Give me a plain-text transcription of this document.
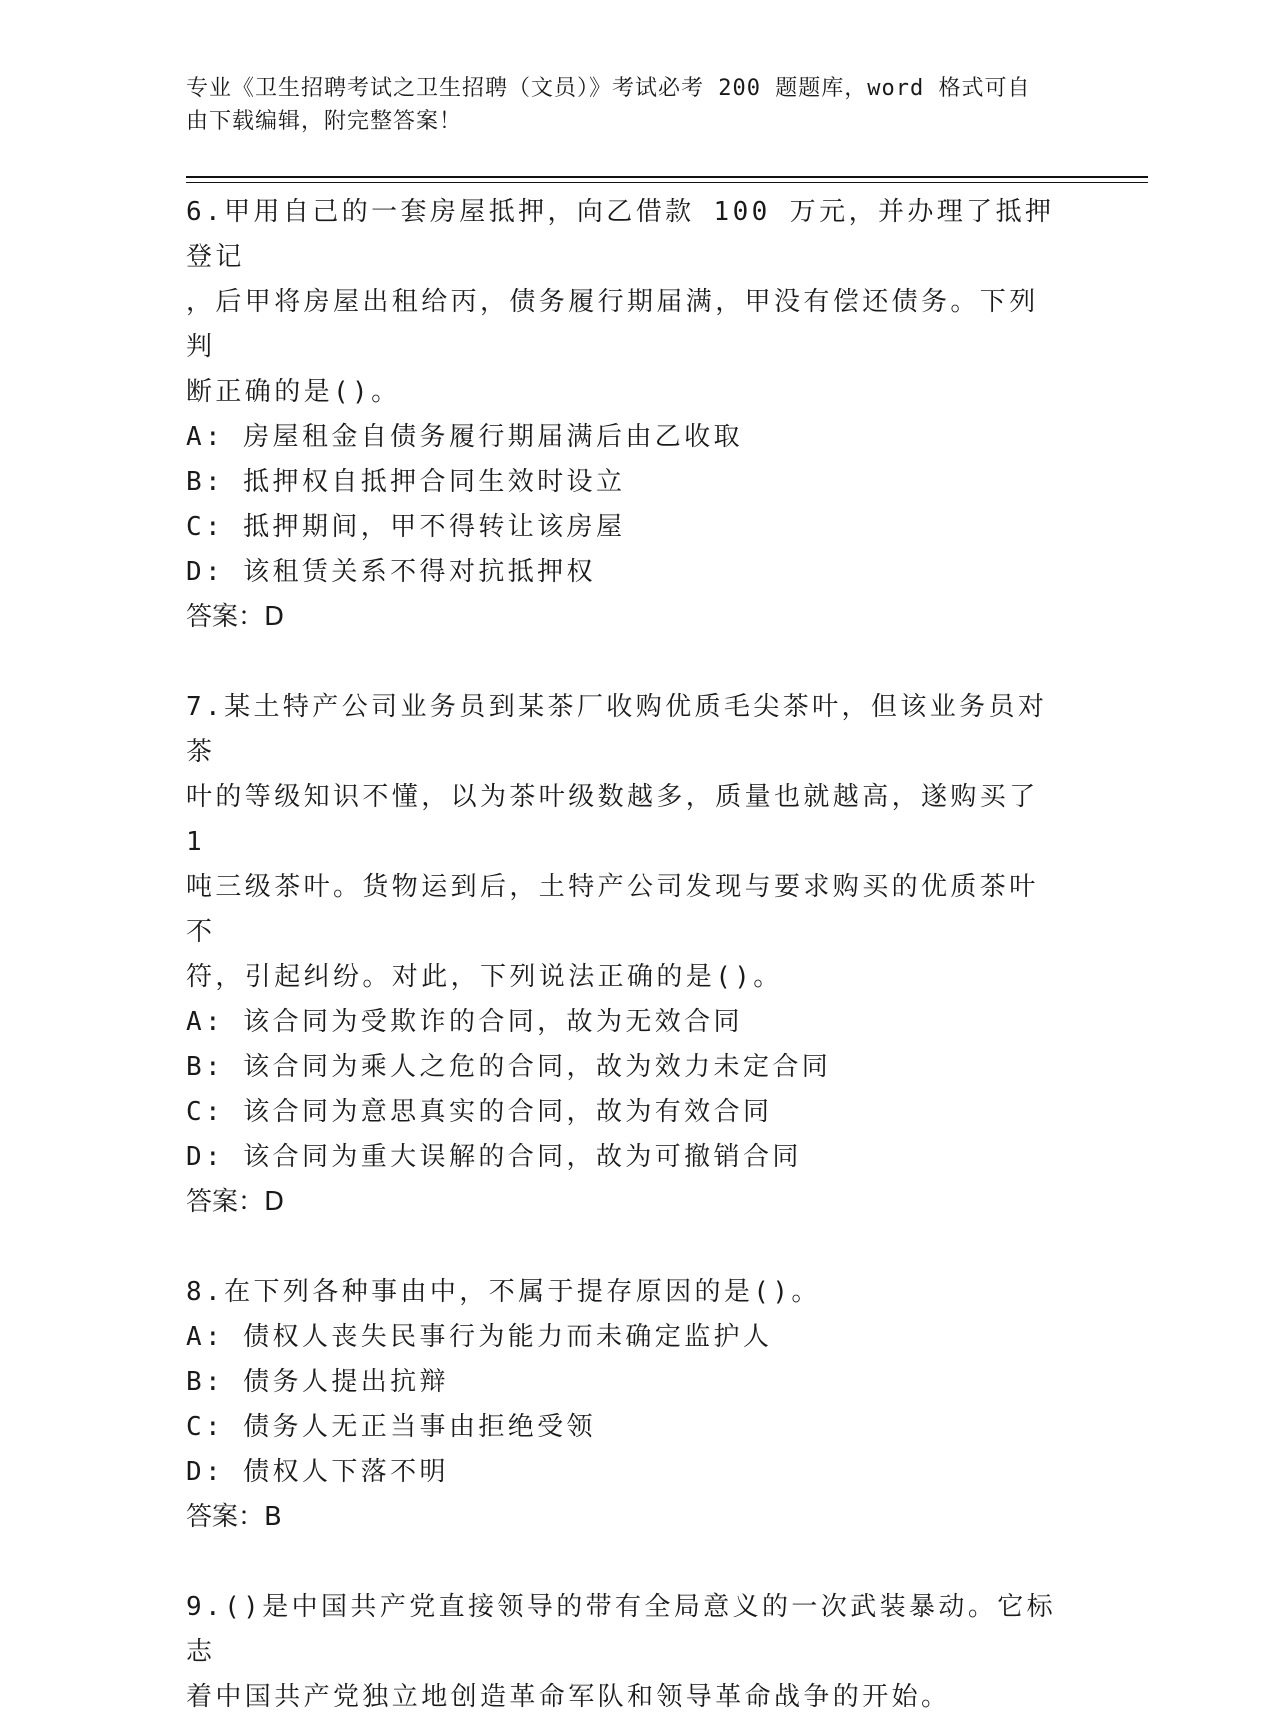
专业《卫生招聘考试之卫生招聘（文员）》考试必考 200 题题库，word 格式可自
由下载编辑，附完整答案！

6.甲用自己的一套房屋抵押，向乙借款 100 万元，并办理了抵押登记

，后甲将房屋出租给丙，债务履行期届满，甲没有偿还债务。下列判

断正确的是()。

A: 房屋租金自债务履行期届满后由乙收取

B: 抵押权自抵押合同生效时设立

C: 抵押期间，甲不得转让该房屋

D: 该租赁关系不得对抗抵押权

答案：D

7.某土特产公司业务员到某茶厂收购优质毛尖茶叶，但该业务员对茶

叶的等级知识不懂，以为茶叶级数越多，质量也就越高，遂购买了 1

吨三级茶叶。货物运到后，土特产公司发现与要求购买的优质茶叶不

符，引起纠纷。对此，下列说法正确的是()。

A: 该合同为受欺诈的合同，故为无效合同

B: 该合同为乘人之危的合同，故为效力未定合同

C: 该合同为意思真实的合同，故为有效合同

D: 该合同为重大误解的合同，故为可撤销合同

答案：D

8.在下列各种事由中，不属于提存原因的是()。

A: 债权人丧失民事行为能力而未确定监护人

B: 债务人提出抗辩

C: 债务人无正当事由拒绝受领

D: 债权人下落不明

答案：B

9.()是中国共产党直接领导的带有全局意义的一次武装暴动。它标志

着中国共产党独立地创造革命军队和领导革命战争的开始。
